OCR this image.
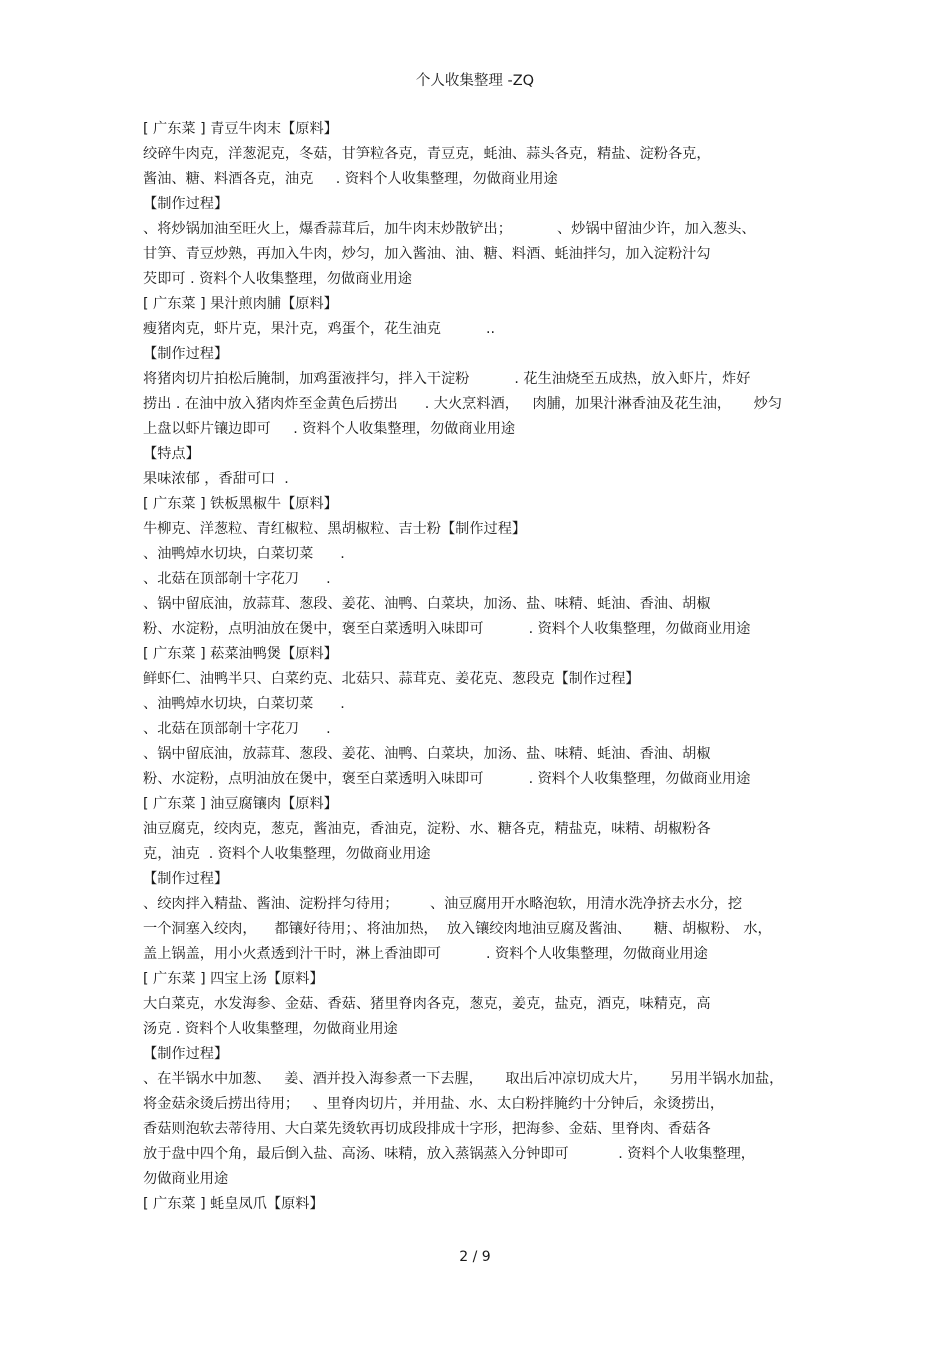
个人收集整理 -ZQ
[ 广东菜 ] 青豆牛肉末【原料】
绞碎牛肉克，洋葱泥克，冬菇，甘笋粒各克，青豆克，蚝油、蒜头各克，精盐、淀粉各克，
酱油、糖、料酒各克，油克     . 资料个人收集整理，勿做商业用途
【制作过程】
、将炒锅加油至旺火上，爆香蒜茸后，加牛肉末炒散铲出；          、炒锅中留油少许，加入葱头、
甘笋、青豆炒熟，再加入牛肉，炒匀，加入酱油、油、糖、料酒、蚝油拌匀，加入淀粉汁勾
芡即可 . 资料个人收集整理，勿做商业用途
[ 广东菜 ] 果汁煎肉脯【原料】
瘦猪肉克，虾片克，果汁克，鸡蛋个，花生油克          ..
【制作过程】
将猪肉切片拍松后腌制，加鸡蛋液拌匀，拌入干淀粉          . 花生油烧至五成热，放入虾片，炸好
捞出 . 在油中放入猪肉炸至金黄色后捞出      . 大火烹料酒，   肉脯，加果汁淋香油及花生油，     炒匀
上盘以虾片镶边即可     . 资料个人收集整理，勿做商业用途
【特点】
果味浓郁 ，香甜可口  .
[ 广东菜 ] 铁板黑椒牛【原料】
牛柳克、洋葱粒、青红椒粒、黑胡椒粒、吉士粉【制作过程】
、油鸭焯水切块，白菜切菜      .
、北菇在顶部剞十字花刀      .
、锅中留底油，放蒜茸、葱段、姜花、油鸭、白菜块，加汤、盐、味精、蚝油、香油、胡椒
粉、水淀粉，点明油放在煲中，褒至白菜透明入味即可          . 资料个人收集整理，勿做商业用途
[ 广东菜 ] 菘菜油鸭煲【原料】
鲜虾仁、油鸭半只、白菜约克、北菇只、蒜茸克、姜花克、葱段克【制作过程】
、油鸭焯水切块，白菜切菜      .
、北菇在顶部剞十字花刀      .
、锅中留底油，放蒜茸、葱段、姜花、油鸭、白菜块，加汤、盐、味精、蚝油、香油、胡椒
粉、水淀粉，点明油放在煲中，褒至白菜透明入味即可          . 资料个人收集整理，勿做商业用途
[ 广东菜 ] 油豆腐镶肉【原料】
油豆腐克，绞肉克，葱克，酱油克，香油克，淀粉、水、糖各克，精盐克，味精、胡椒粉各
克，油克  . 资料个人收集整理，勿做商业用途
【制作过程】
、绞肉拌入精盐、酱油、淀粉拌匀待用；       、油豆腐用开水略泡软，用清水洗净挤去水分，挖
一个洞塞入绞肉，    都镶好待用；、将油加热，  放入镶绞肉地油豆腐及酱油、     糖、胡椒粉、 水，
盖上锅盖，用小火煮透到汁干时，淋上香油即可          . 资料个人收集整理，勿做商业用途
[ 广东菜 ] 四宝上汤【原料】
大白菜克，水发海参、金菇、香菇、猪里脊肉各克，葱克，姜克，盐克，酒克，味精克，高
汤克 . 资料个人收集整理，勿做商业用途
【制作过程】
、在半锅水中加葱、   姜、酒并投入海参煮一下去腥，     取出后冲凉切成大片，     另用半锅水加盐，
将金菇汆烫后捞出待用；   、里脊肉切片，并用盐、水、太白粉拌腌约十分钟后，汆烫捞出，
香菇则泡软去蒂待用、大白菜先烫软再切成段排成十字形，把海参、金菇、里脊肉、香菇各
放于盘中四个角，最后倒入盐、高汤、味精，放入蒸锅蒸入分钟即可           . 资料个人收集整理，
勿做商业用途
[ 广东菜 ] 蚝皇凤爪【原料】
2 / 9
